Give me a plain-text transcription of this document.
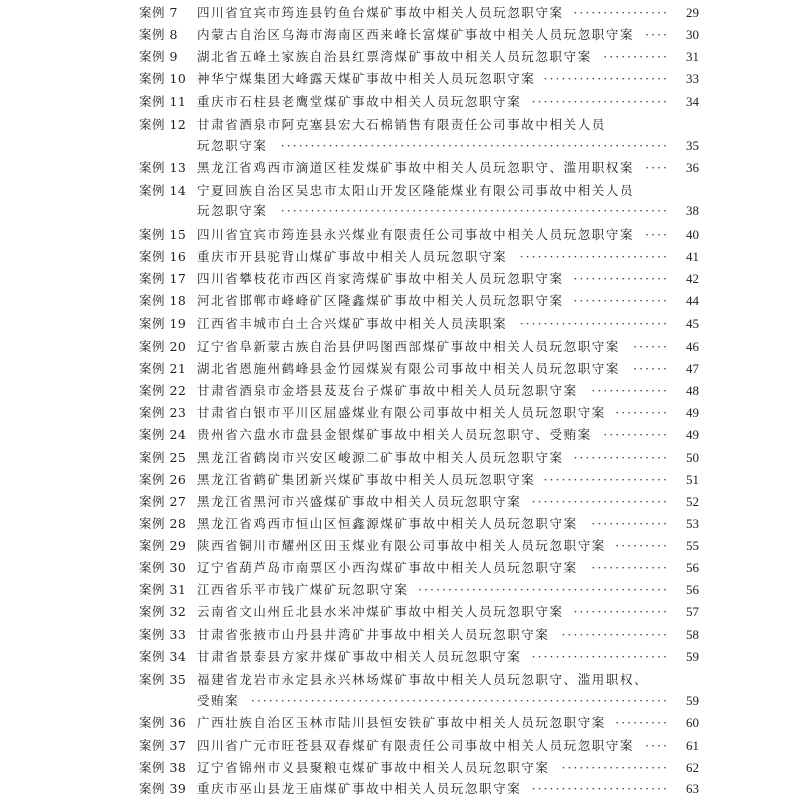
案例 7	四川省宜宾市筠连县钓鱼台煤矿事故中相关人员玩忽职守案 ················	29
案例 8	内蒙古自治区乌海市海南区西来峰长富煤矿事故中相关人员玩忽职守案 ····	30
案例 9	湖北省五峰土家族自治县红票湾煤矿事故中相关人员玩忽职守案 ···········	31
案例 10 神华宁煤集团大峰露天煤矿事故中相关人员玩忽职守案 ·····················	33
案例 11 重庆市石柱县老鹰堂煤矿事故中相关人员玩忽职守案 ·······················	34
案例 12 甘肃省酒泉市阿克塞县宏大石棉销售有限责任公司事故中相关人员
玩忽职守案	·································································	35
案例 13 黑龙江省鸡西市滴道区桂发煤矿事故中相关人员玩忽职守、滥用职权案 ····	36
案例 14 宁夏回族自治区吴忠市太阳山开发区隆能煤业有限公司事故中相关人员
玩忽职守案	·································································	38
案例 15 四川省宜宾市筠连县永兴煤业有限责任公司事故中相关人员玩忽职守案 ····	40
案例 16 重庆市开县驼背山煤矿事故中相关人员玩忽职守案 ·························	41
案例 17 四川省攀枝花市西区肖家湾煤矿事故中相关人员玩忽职守案 ················	42
案例 18 河北省邯郸市峰峰矿区隆鑫煤矿事故中相关人员玩忽职守案 ················	44
案例 19 江西省丰城市白土合兴煤矿事故中相关人员渎职案 ·························	45
案例 20 辽宁省阜新蒙古族自治县伊吗图西部煤矿事故中相关人员玩忽职守案	······	46
案例 21 湖北省恩施州鹤峰县金竹园煤炭有限公司事故中相关人员玩忽职守案	······	47
案例 22 甘肃省酒泉市金塔县芨芨台子煤矿事故中相关人员玩忽职守案	·············	48
案例 23 甘肃省白银市平川区屈盛煤业有限公司事故中相关人员玩忽职守案 ·········	49
案例 24 贵州省六盘水市盘县金银煤矿事故中相关人员玩忽职守、受贿案 ···········	49
案例 25 黑龙江省鹤岗市兴安区峻源二矿事故中相关人员玩忽职守案 ················	50
案例 26 黑龙江省鹤矿集团新兴煤矿事故中相关人员玩忽职守案 ·····················	51
案例 27 黑龙江省黑河市兴盛煤矿事故中相关人员玩忽职守案 ·······················	52
案例 28 黑龙江省鸡西市恒山区恒鑫源煤矿事故中相关人员玩忽职守案	·············	53
案例 29 陕西省铜川市耀州区田玉煤业有限公司事故中相关人员玩忽职守案 ·········	55
案例 30 辽宁省葫芦岛市南票区小西沟煤矿事故中相关人员玩忽职守案	·············	56
案例 31 江西省乐平市钱广煤矿玩忽职守案 ··········································	56
案例 32 云南省文山州丘北县水米冲煤矿事故中相关人员玩忽职守案 ················	57
案例 33 甘肃省张掖市山丹县井湾矿井事故中相关人员玩忽职守案 ··················	58
案例 34 甘肃省景泰县方家井煤矿事故中相关人员玩忽职守案 ·······················	59
案例 35 福建省龙岩市永定县永兴林场煤矿事故中相关人员玩忽职守、滥用职权、
受贿案 ······································································	59
案例 36 广西壮族自治区玉林市陆川县恒安铁矿事故中相关人员玩忽职守案 ·········	60
案例 37 四川省广元市旺苍县双春煤矿有限责任公司事故中相关人员玩忽职守案 ····	61
案例 38 辽宁省锦州市义县聚粮屯煤矿事故中相关人员玩忽职守案 ··················	62
案例 39 重庆市巫山县龙王庙煤矿事故中相关人员玩忽职守案 ·······················	63
